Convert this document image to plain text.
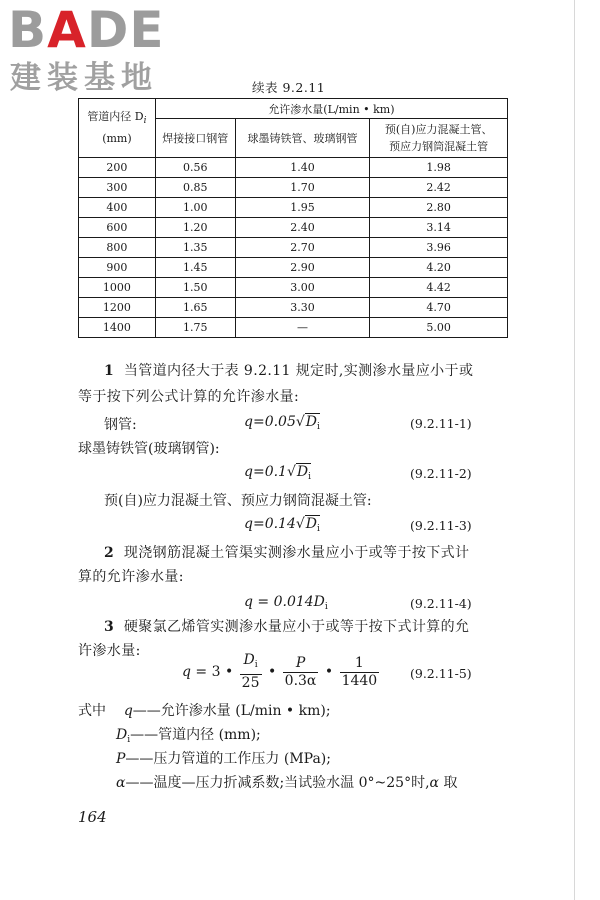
BADE
建装基地	续表 9.2.11
管道内径 $D_i$
(mm)	允许渗水量(L/min • km)		
	焊接接口钢管	球墨铸铁管、玻璃钢管	预(自)应力混凝土管、
预应力钢筒混凝土管
200	0.56	1.40	1.98
300	0.85	1.70	2.42
400	1.00	1.95	2.80
600	1.20	2.40	3.14
800	1.35	2.70	3.96
900	1.45	2.90	4.20
1000	1.50	3.00	4.42
1200	1.65	3.30	4.70
1400	1.75	—	5.00
1 当管道内径大于表 9.2.11 规定时,实测渗水量应小于或
等于按下列公式计算的允许渗水量:
钢管:	$q=0.05√D_i$	(9.2.11-1)
球墨铸铁管(玻璃钢管):
$q=0.1√D_i$	(9.2.11-2)
预(自)应力混凝土管、预应力钢筒混凝土管:
$q=0.14√D_i$	(9.2.11-3)
2 现浇钢筋混凝土管渠实测渗水量应小于或等于按下式计
算的允许渗水量:
$q = 0.014D_i$	(9.2.11-4)
3 硬聚氯乙烯管实测渗水量应小于或等于按下式计算的允
许渗水量:
q = 3 • $\frac{D_i}{25}$ • $\frac{P}{0.3\alpha}$ • $\frac{1}{1440} (9.2.11-5)$
式中 q——允许渗水量 (L/min • km);
$D_i——$管道内径 (mm);
P——压力管道的工作压力 (MPa);
α——温度—压力折减系数;当试验水温 0°~25°时,α 取
164
